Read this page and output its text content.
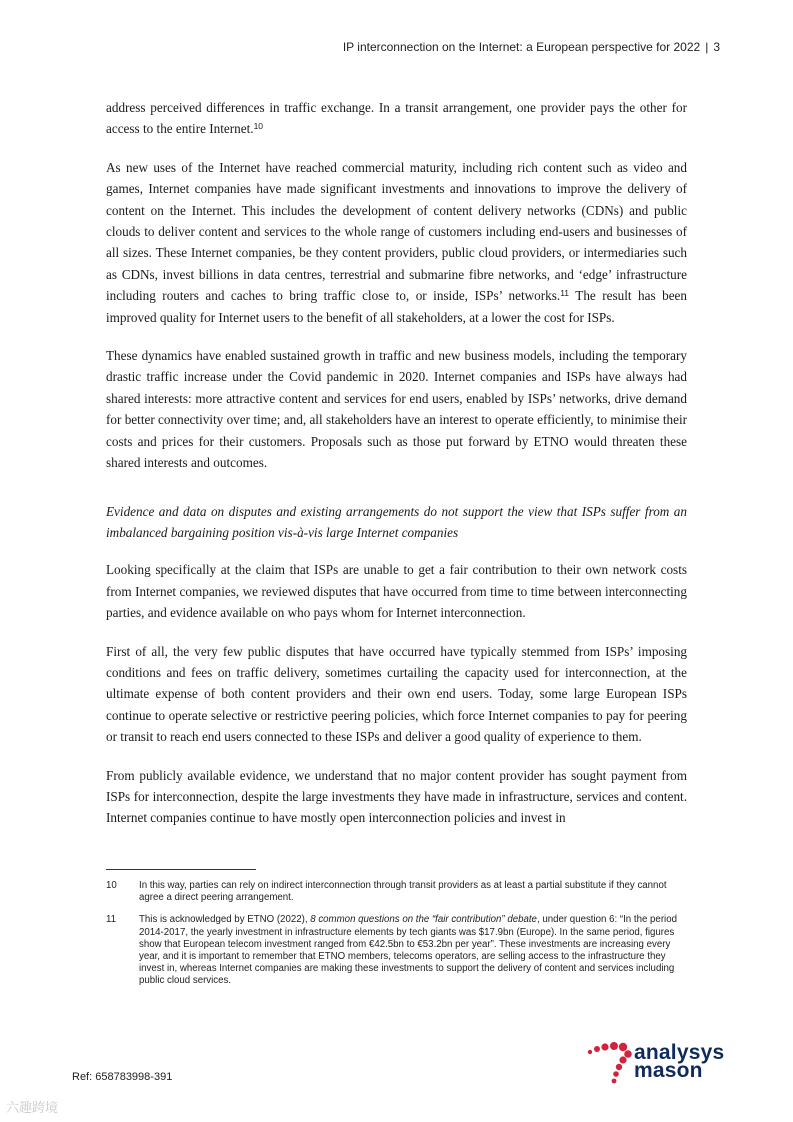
IP interconnection on the Internet: a European perspective for 2022 | 3

address perceived differences in traffic exchange. In a transit arrangement, one provider pays the other for access to the entire Internet.$^{10}$

As new uses of the Internet have reached commercial maturity, including rich content such as video and games, Internet companies have made significant investments and innovations to improve the delivery of content on the Internet. This includes the development of content delivery networks (CDNs) and public clouds to deliver content and services to the whole range of customers including end-users and businesses of all sizes. These Internet companies, be they content providers, public cloud providers, or intermediaries such as CDNs, invest billions in data centres, terrestrial and submarine fibre networks, and ‘edge’ infrastructure including routers and caches to bring traffic close to, or inside, ISPs’ networks.$^{11}$ The result has been improved quality for Internet users to the benefit of all stakeholders, at a lower the cost for ISPs.

These dynamics have enabled sustained growth in traffic and new business models, including the temporary drastic traffic increase under the Covid pandemic in 2020. Internet companies and ISPs have always had shared interests: more attractive content and services for end users, enabled by ISPs’ networks, drive demand for better connectivity over time; and, all stakeholders have an interest to operate efficiently, to minimise their costs and prices for their customers. Proposals such as those put forward by ETNO would threaten these shared interests and outcomes.

Evidence and data on disputes and existing arrangements do not support the view that ISPs suffer from an imbalanced bargaining position vis-à-vis large Internet companies

Looking specifically at the claim that ISPs are unable to get a fair contribution to their own network costs from Internet companies, we reviewed disputes that have occurred from time to time between interconnecting parties, and evidence available on who pays whom for Internet interconnection.

First of all, the very few public disputes that have occurred have typically stemmed from ISPs’ imposing conditions and fees on traffic delivery, sometimes curtailing the capacity used for interconnection, at the ultimate expense of both content providers and their own end users. Today, some large European ISPs continue to operate selective or restrictive peering policies, which force Internet companies to pay for peering or transit to reach end users connected to these ISPs and deliver a good quality of experience to them.

From publicly available evidence, we understand that no major content provider has sought payment from ISPs for interconnection, despite the large investments they have made in infrastructure, services and content. Internet companies continue to have mostly open interconnection policies and invest in

10	In this way, parties can rely on indirect interconnection through transit providers as at least a partial substitute if they cannot agree a direct peering arrangement.
11	This is acknowledged by ETNO (2022), 8 common questions on the “fair contribution” debate, under question 6: “In the period 2014-2017, the yearly investment in infrastructure elements by tech giants was $17.9bn (Europe). In the same period, figures show that European telecom investment ranged from €42.5bn to €53.2bn per year”. These investments are increasing every year, and it is important to remember that ETNO members, telecoms operators, are selling access to the infrastructure they invest in, whereas Internet companies are making these investments to support the delivery of content and services including public cloud services.
Ref: 658783998-391
analysys
mason
六趣跨境
